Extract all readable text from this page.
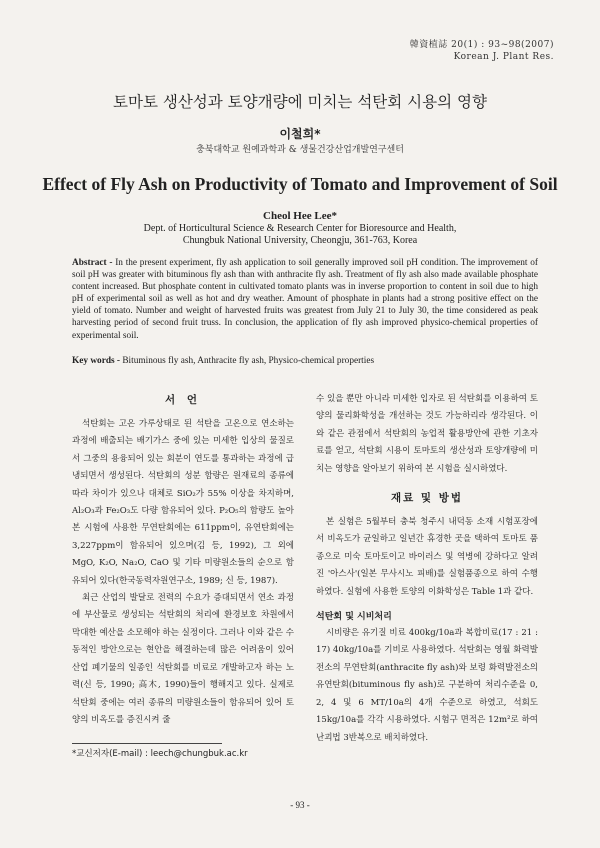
韓資植誌 20(1) : 93~98(2007)
Korean J. Plant Res.
토마토 생산성과 토양개량에 미치는 석탄회 시용의 영향
이철희*
충북대학교 원예과학과 & 생물건강산업개발연구센터
Effect of Fly Ash on Productivity of Tomato and Improvement of Soil
Cheol Hee Lee*
Dept. of Horticultural Science & Research Center for Bioresource and Health,
Chungbuk National University, Cheongju, 361-763, Korea
Abstract - In the present experiment, fly ash application to soil generally improved soil pH condition. The improvement of soil pH was greater with bituminous fly ash than with anthracite fly ash. Treatment of fly ash also made available phosphate content increased. But phosphate content in cultivated tomato plants was in inverse proportion to content in soil due to high pH of experimental soil as well as hot and dry weather. Amount of phosphate in plants had a strong positive effect on the yield of tomato. Number and weight of harvested fruits was greatest from July 21 to July 30, the time considered as peak harvesting period of second fruit truss. In conclusion, the application of fly ash improved physico-chemical properties of experimental soil.
Key words - Bituminous fly ash, Anthracite fly ash, Physico-chemical properties
서 언

석탄회는 고온 가루상태로 된 석탄을 고온으로 연소하는 과정에 배출되는 배기가스 중에 있는 미세한 입상의 물질로서 그중의 용융되어 있는 회분이 연도를 통과하는 과정에 급냉되면서 생성된다. 석탄회의 성분 함량은 원재료의 종류에 따라 차이가 있으나 대체로 SiO₂가 55% 이상을 차지하며, Al₂O₃과 Fe₂O₃도 다량 함유되어 있다. P₂O₅의 함량도 높아 본 시험에 사용한 무연탄회에는 611ppm이, 유연탄회에는 3,227ppm이 함유되어 있으며(김 등, 1992), 그 외에 MgO, K₂O, Na₂O, CaO 및 기타 미량원소들의 순으로 함유되어 있다(한국동력자원연구소, 1989; 신 등, 1987).

최근 산업의 발달로 전력의 수요가 증대되면서 연소 과정에 부산물로 생성되는 석탄회의 처리에 환경보호 차원에서 막대한 예산을 소모해야 하는 실정이다. 그러나 이와 같은 수동적인 방안으로는 현안을 해결하는데 많은 어려움이 있어 산업 폐기물의 일종인 석탄회를 비료로 개발하고자 하는 노력(신 등, 1990; 高木, 1990)들이 행해지고 있다. 실제로 석탄회 중에는 여러 종류의 미량원소들이 함유되어 있어 토양의 비옥도를 증진시켜 줄

수 있을 뿐만 아니라 미세한 입자로 된 석탄회를 이용하여 토양의 물리화학성을 개선하는 것도 가능하리라 생각된다. 이와 같은 관점에서 석탄회의 농업적 활용방안에 관한 기초자료를 얻고, 석탄회 시용이 토마토의 생산성과 토양개량에 미치는 영향을 알아보기 위하여 본 시험을 실시하였다.

재료 및 방법

본 실험은 5월부터 충북 청주시 내덕동 소재 시험포장에서 비옥도가 균일하고 일년간 휴경한 곳을 택하여 토마토 품종으로 미숙 토마토이고 바이러스 및 역병에 강하다고 알려진 '아스사'(일본 무사시노 피배)를 실험품종으로 하여 수행하였다. 실험에 사용한 토양의 이화학성은 Table 1과 같다.

석탄회 및 시비처리

시비량은 유기질 비료 400kg/10a과 복합비료(17 : 21 : 17) 40kg/10a를 기비로 사용하였다. 석탄회는 영월 화력발전소의 무연탄회(anthracite fly ash)와 보령 화력발전소의 유연탄회(bituminous fly ash)로 구분하여 처리수준을 0, 2, 4 및 6 MT/10a의 4개 수준으로 하였고, 석회도 15kg/10a를 각각 시용하였다. 시험구 면적은 12m²로 하여 난괴법 3반복으로 배치하였다.

*교신저자(E-mail) : leech@chungbuk.ac.kr
- 93 -
